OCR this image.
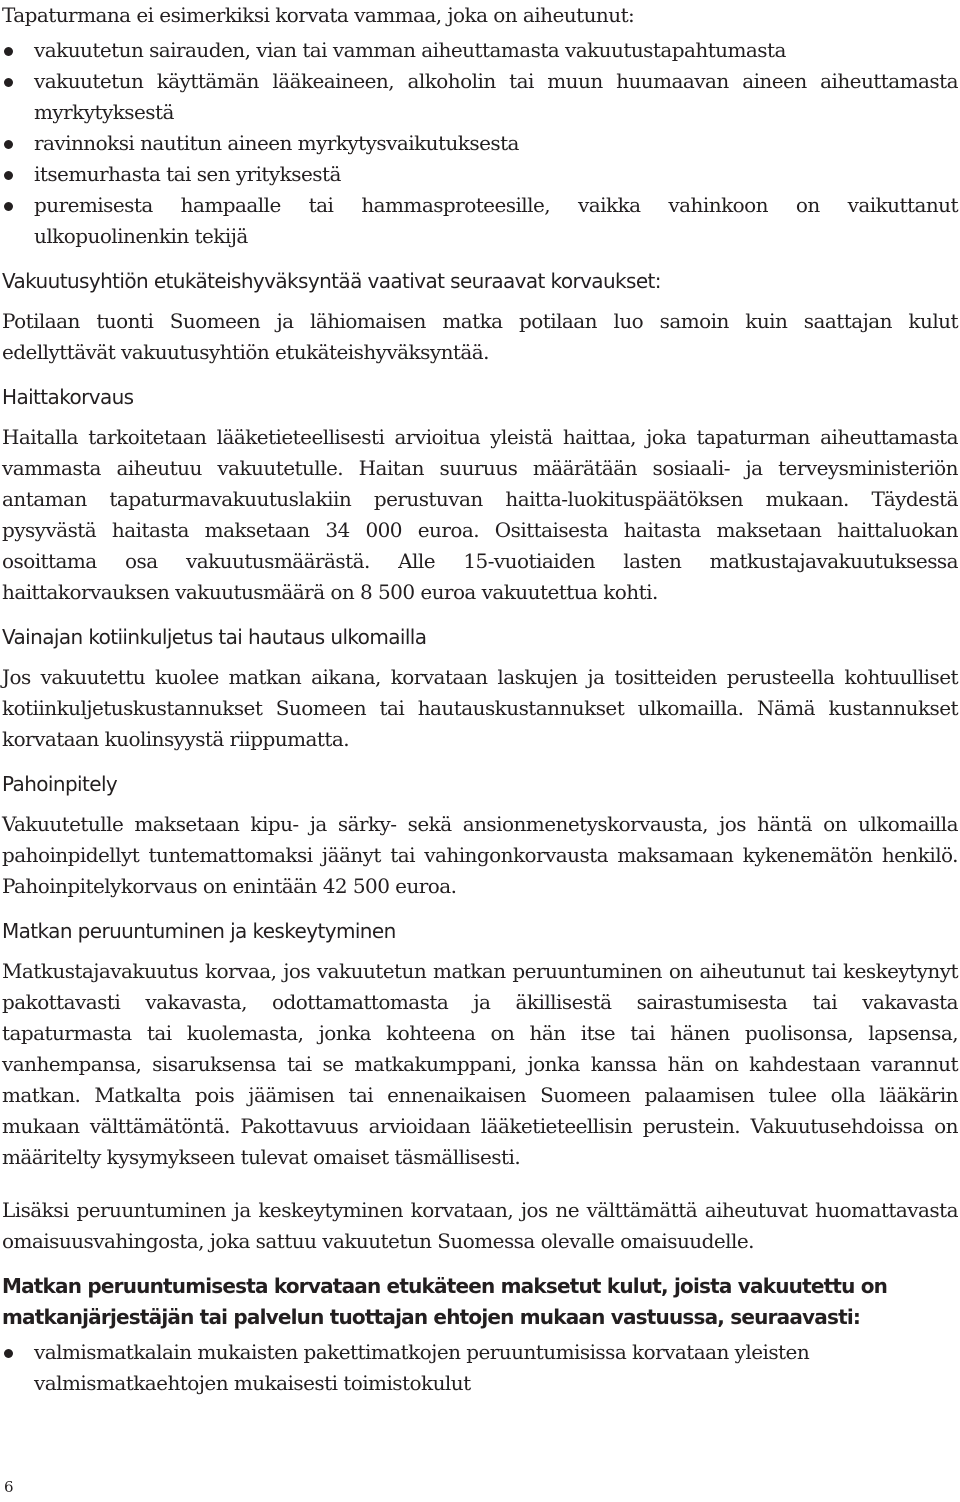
Tapaturmana ei esimerkiksi korvata vammaa, joka on aiheutunut:

vakuutetun sairauden, vian tai vamman aiheuttamasta vakuutustapahtumasta
vakuutetun käyttämän lääkeaineen, alkoholin tai muun huumaavan aineen aiheuttamasta myrkytyksestä
ravinnoksi nautitun aineen myrkytysvaikutuksesta
itsemurhasta tai sen yrityksestä
puremisesta hampaalle tai hammasproteesille, vaikka vahinkoon on vaikuttanut ulkopuolinenkin tekijä
Vakuutusyhtiön etukäteishyväksyntää vaativat seuraavat korvaukset:

Potilaan tuonti Suomeen ja lähiomaisen matka potilaan luo samoin kuin saattajan kulut edellyttävät vakuutusyhtiön etukäteishyväksyntää.

Haittakorvaus

Haitalla tarkoitetaan lääketieteellisesti arvioitua yleistä haittaa, joka tapaturman aiheuttamasta vammasta aiheutuu vakuutetulle. Haitan suuruus määrätään sosiaali- ja terveysministeriön antaman tapaturmavakuutuslakiin perustuvan haitta-luokituspäätöksen mukaan. Täydestä pysyvästä haitasta maksetaan 34 000 euroa. Osittaisesta haitasta maksetaan haittaluokan osoittama osa vakuutusmäärästä. Alle 15-vuotiaiden lasten matkustajavakuutuksessa haittakorvauksen vakuutusmäärä on 8 500 euroa vakuutettua kohti.

Vainajan kotiinkuljetus tai hautaus ulkomailla

Jos vakuutettu kuolee matkan aikana, korvataan laskujen ja tositteiden perusteella kohtuulliset kotiinkuljetuskustannukset Suomeen tai hautauskustannukset ulkomailla. Nämä kustannukset korvataan kuolinsyystä riippumatta.

Pahoinpitely

Vakuutetulle maksetaan kipu- ja särky- sekä ansionmenetyskorvausta, jos häntä on ulkomailla pahoinpidellyt tuntemattomaksi jäänyt tai vahingonkorvausta maksamaan kykenemätön henkilö. Pahoinpitelykorvaus on enintään 42 500 euroa.

Matkan peruuntuminen ja keskeytyminen

Matkustajavakuutus korvaa, jos vakuutetun matkan peruuntuminen on aiheutunut tai keskeytynyt pakottavasti vakavasta, odottamattomasta ja äkillisestä sairastumisesta tai vakavasta tapaturmasta tai kuolemasta, jonka kohteena on hän itse tai hänen puolisonsa, lapsensa, vanhempansa, sisaruksensa tai se matkakumppani, jonka kanssa hän on kahdestaan varannut matkan. Matkalta pois jäämisen tai ennenaikaisen Suomeen palaamisen tulee olla lääkärin mukaan välttämätöntä. Pakottavuus arvioidaan lääketieteellisin perustein. Vakuutusehdoissa on määritelty kysymykseen tulevat omaiset täsmällisesti.

Lisäksi peruuntuminen ja keskeytyminen korvataan, jos ne välttämättä aiheutuvat huomattavasta omaisuusvahingosta, joka sattuu vakuutetun Suomessa olevalle omaisuudelle.

Matkan peruuntumisesta korvataan etukäteen maksetut kulut, joista vakuutettu on matkanjärjestäjän tai palvelun tuottajan ehtojen mukaan vastuussa, seuraavasti:
valmismatkalain mukaisten pakettimatkojen peruuntumisissa korvataan yleisten valmismatkaehtojen mukaisesti toimistokulut
6
